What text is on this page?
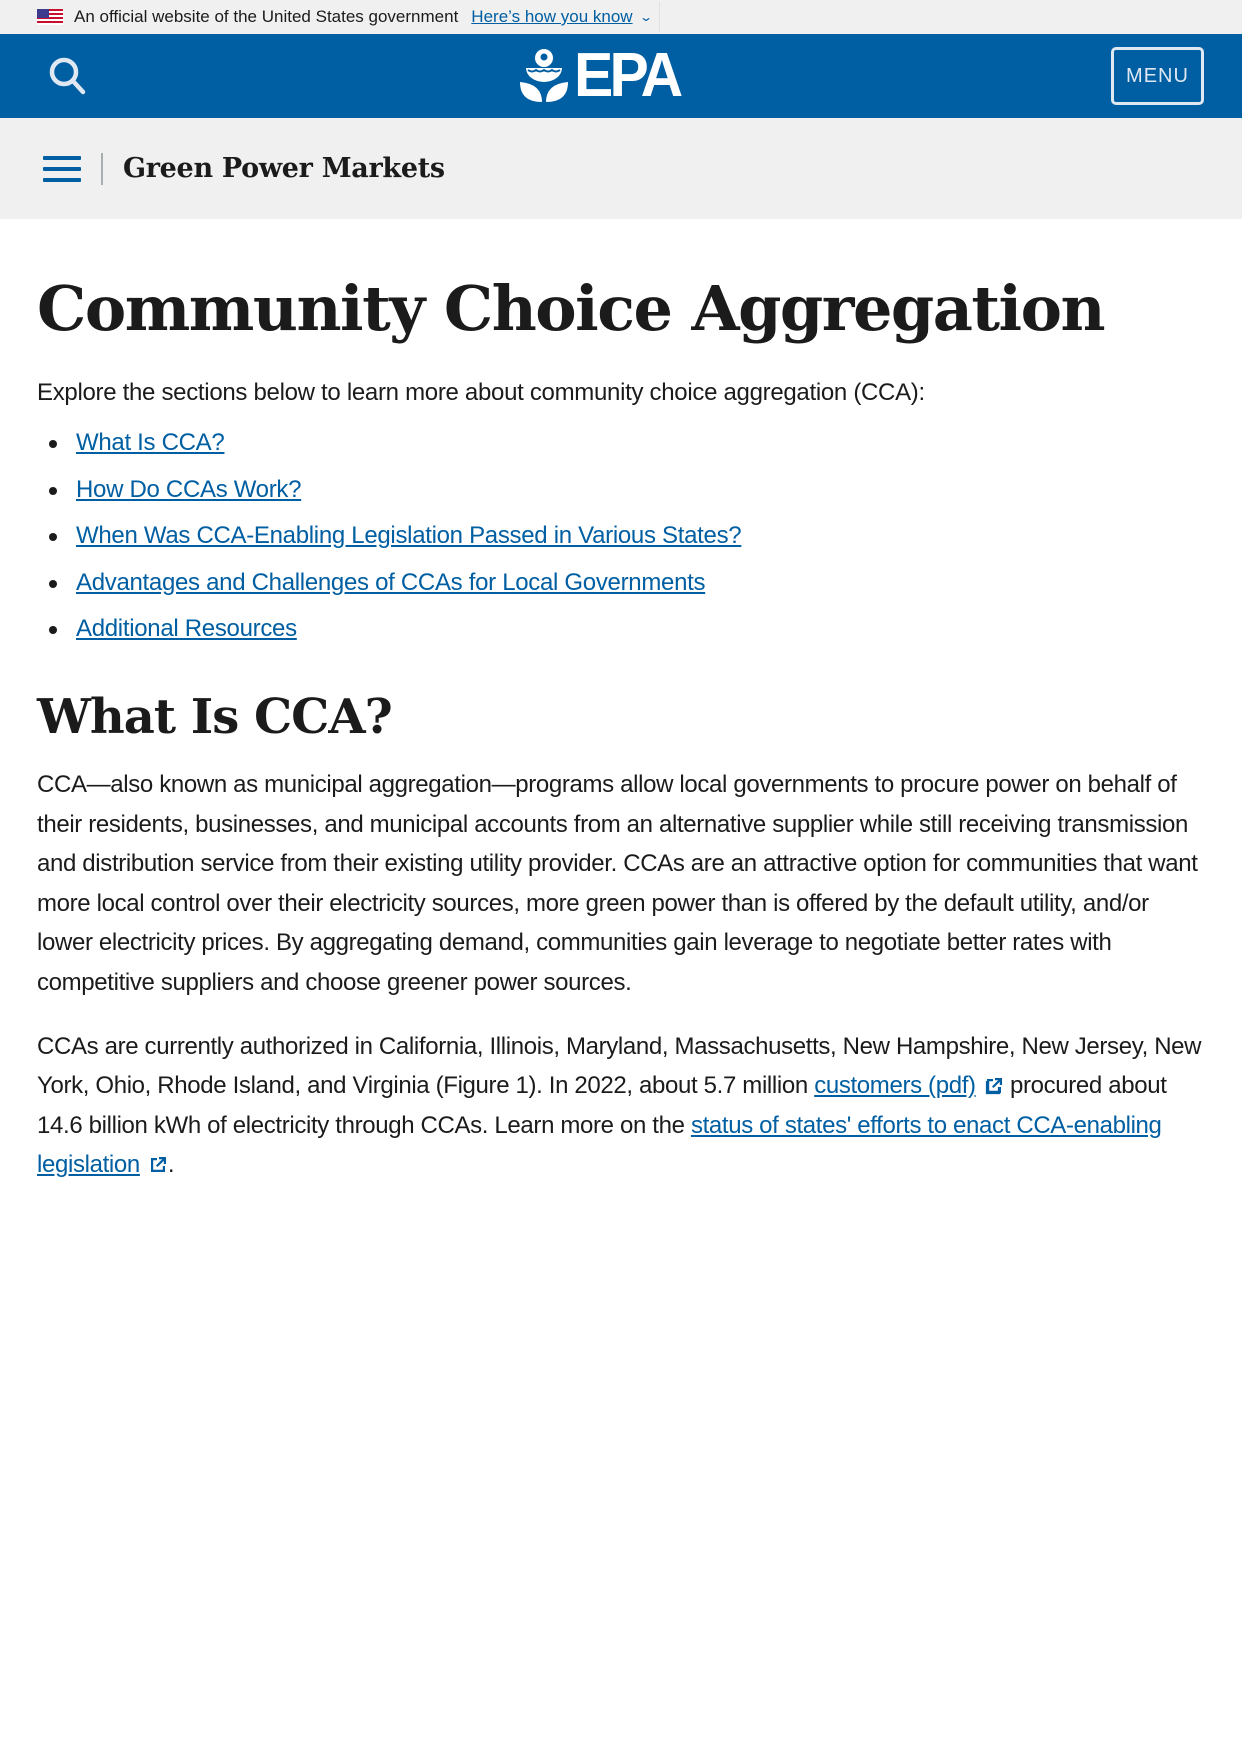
An official website of the United States government Here’s how you know ⌄
EPA	MENU
Green Power Markets
Community Choice Aggregation

Explore the sections below to learn more about community choice aggregation (CCA):

What Is CCA?
How Do CCAs Work?
When Was CCA-Enabling Legislation Passed in Various States?
Advantages and Challenges of CCAs for Local Governments
Additional Resources
What Is CCA?

CCA—also known as municipal aggregation—programs allow local governments to procure power on behalf of their residents, businesses, and municipal accounts from an alternative supplier while still receiving transmission and distribution service from their existing utility provider. CCAs are an attractive option for communities that want more local control over their electricity sources, more green power than is offered by the default utility, and/or lower electricity prices. By aggregating demand, communities gain leverage to negotiate better rates with competitive suppliers and choose greener power sources.

CCAs are currently authorized in California, Illinois, Maryland, Massachusetts, New Hampshire, New Jersey, New York, Ohio, Rhode Island, and Virginia (Figure 1). In 2022, about 5.7 million customers (pdf) procured about 14.6 billion kWh of electricity through CCAs. Learn more on the status of states' efforts to enact CCA-enabling legislation .
